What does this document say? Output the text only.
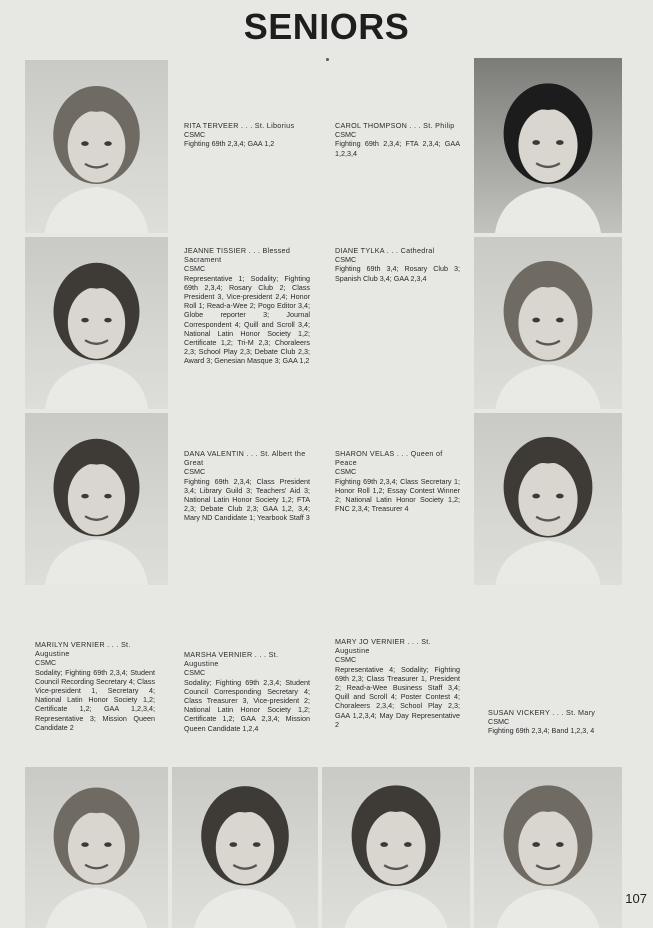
SENIORS
RITA TERVEER . . . St. Liborius
CSMC
Fighting 69th 2,3,4; GAA 1,2
CAROL THOMPSON . . . St. Philip
CSMC
Fighting 69th 2,3,4; FTA 2,3,4; GAA 1,2,3,4
JEANNE TISSIER . . . Blessed Sacrament
CSMC
Representative 1; Sodality; Fighting 69th 2,3,4; Rosary Club 2; Class President 3, Vice-president 2,4; Honor Roll 1; Read-a-Wee 2; Pogo Editor 3,4; Globe reporter 3; Journal Correspondent 4; Quill and Scroll 3,4; National Latin Honor Society 1,2; Certificate 1,2; Tri-M 2,3; Choraleers 2,3; School Play 2,3; Debate Club 2,3; Award 3; Genesian Masque 3; GAA 1,2
DIANE TYLKA . . . Cathedral
CSMC
Fighting 69th 3,4; Rosary Club 3; Spanish Club 3,4; GAA 2,3,4
DANA VALENTIN . . . St. Albert the Great
CSMC
Fighting 69th 2,3,4; Class President 3,4; Library Guild 3; Teachers' Aid 3; National Latin Honor Society 1,2; FTA 2,3; Debate Club 2,3; GAA 1,2, 3,4; Mary ND Candidate 1; Yearbook Staff 3
SHARON VELAS . . . Queen of Peace
CSMC
Fighting 69th 2,3,4; Class Secretary 1; Honor Roll 1,2; Essay Contest Winner 2; National Latin Honor Society 1,2; FNC 2,3,4; Treasurer 4
MARILYN VERNIER . . . St. Augustine
CSMC
Sodality; Fighting 69th 2,3,4; Student Council Recording Secretary 4; Class Vice-president 1, Secretary 4; National Latin Honor Society 1,2; Certificate 1,2; GAA 1,2,3,4; Representative 3; Mission Queen Candidate 2
MARSHA VERNIER . . . St. Augustine
CSMC
Sodality; Fighting 69th 2,3,4; Student Council Corresponding Secretary 4; Class Treasurer 3, Vice-president 2; National Latin Honor Society 1,2; Certificate 1,2; GAA 2,3,4; Mission Queen Candidate 1,2,4
MARY JO VERNIER . . . St. Augustine
CSMC
Representative 4; Sodality; Fighting 69th 2,3; Class Treasurer 1, President 2; Read-a-Wee Business Staff 3,4; Quill and Scroll 4; Poster Contest 4; Choraleers 2,3,4; School Play 2,3; GAA 1,2,3,4; May Day Representative 2
SUSAN VICKERY . . . St. Mary
CSMC
Fighting 69th 2,3,4; Band 1,2,3, 4
107
